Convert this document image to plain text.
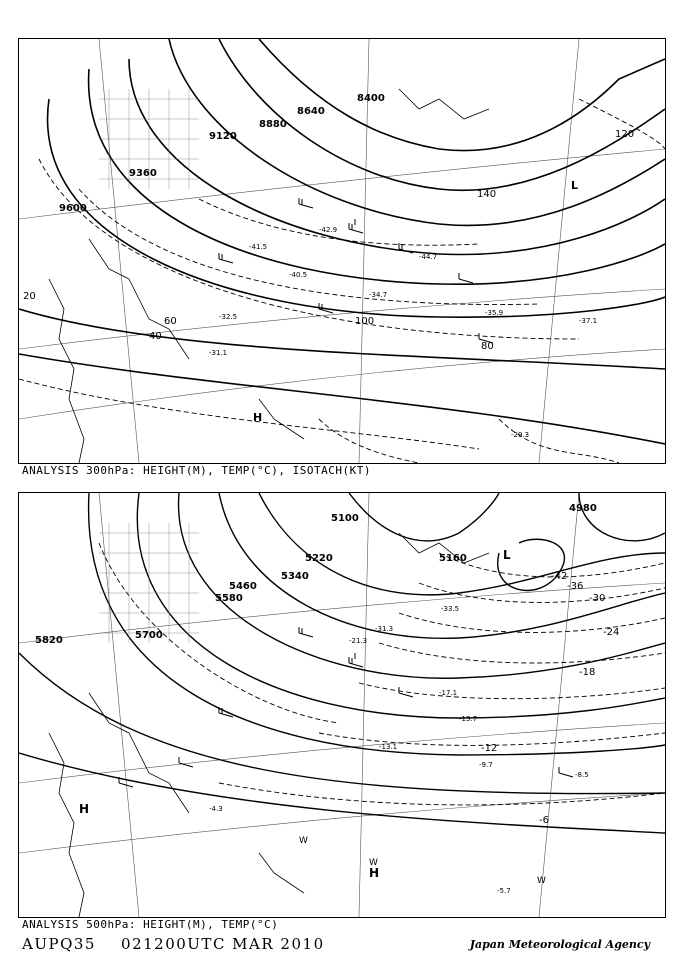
8400
8640
8880
9120
9360
9600
20
40
60
80
100
120
140
-29.3
-35.9
-37.1
-34.7
-40.5
-41.5
-44.7
-42.9
-31.1
-32.5
H
L
ANALYSIS 300hPa: HEIGHT(M), TEMP(°C), ISOTACH(KT)
4980
5100
5160
5220
5340
5460
5580
5700
5820
-42
-36
-30
-24
-18
-12
-6
-8.5
-9.7
-5.7
-13.7
-17.1
-21.3
-31.3
-33.5
-4.3
-13.1
L
H
H
W
W
W
ANALYSIS 500hPa: HEIGHT(M), TEMP(°C)
AUPQ35 021200UTC MAR 2010	Japan Meteorological Agency
